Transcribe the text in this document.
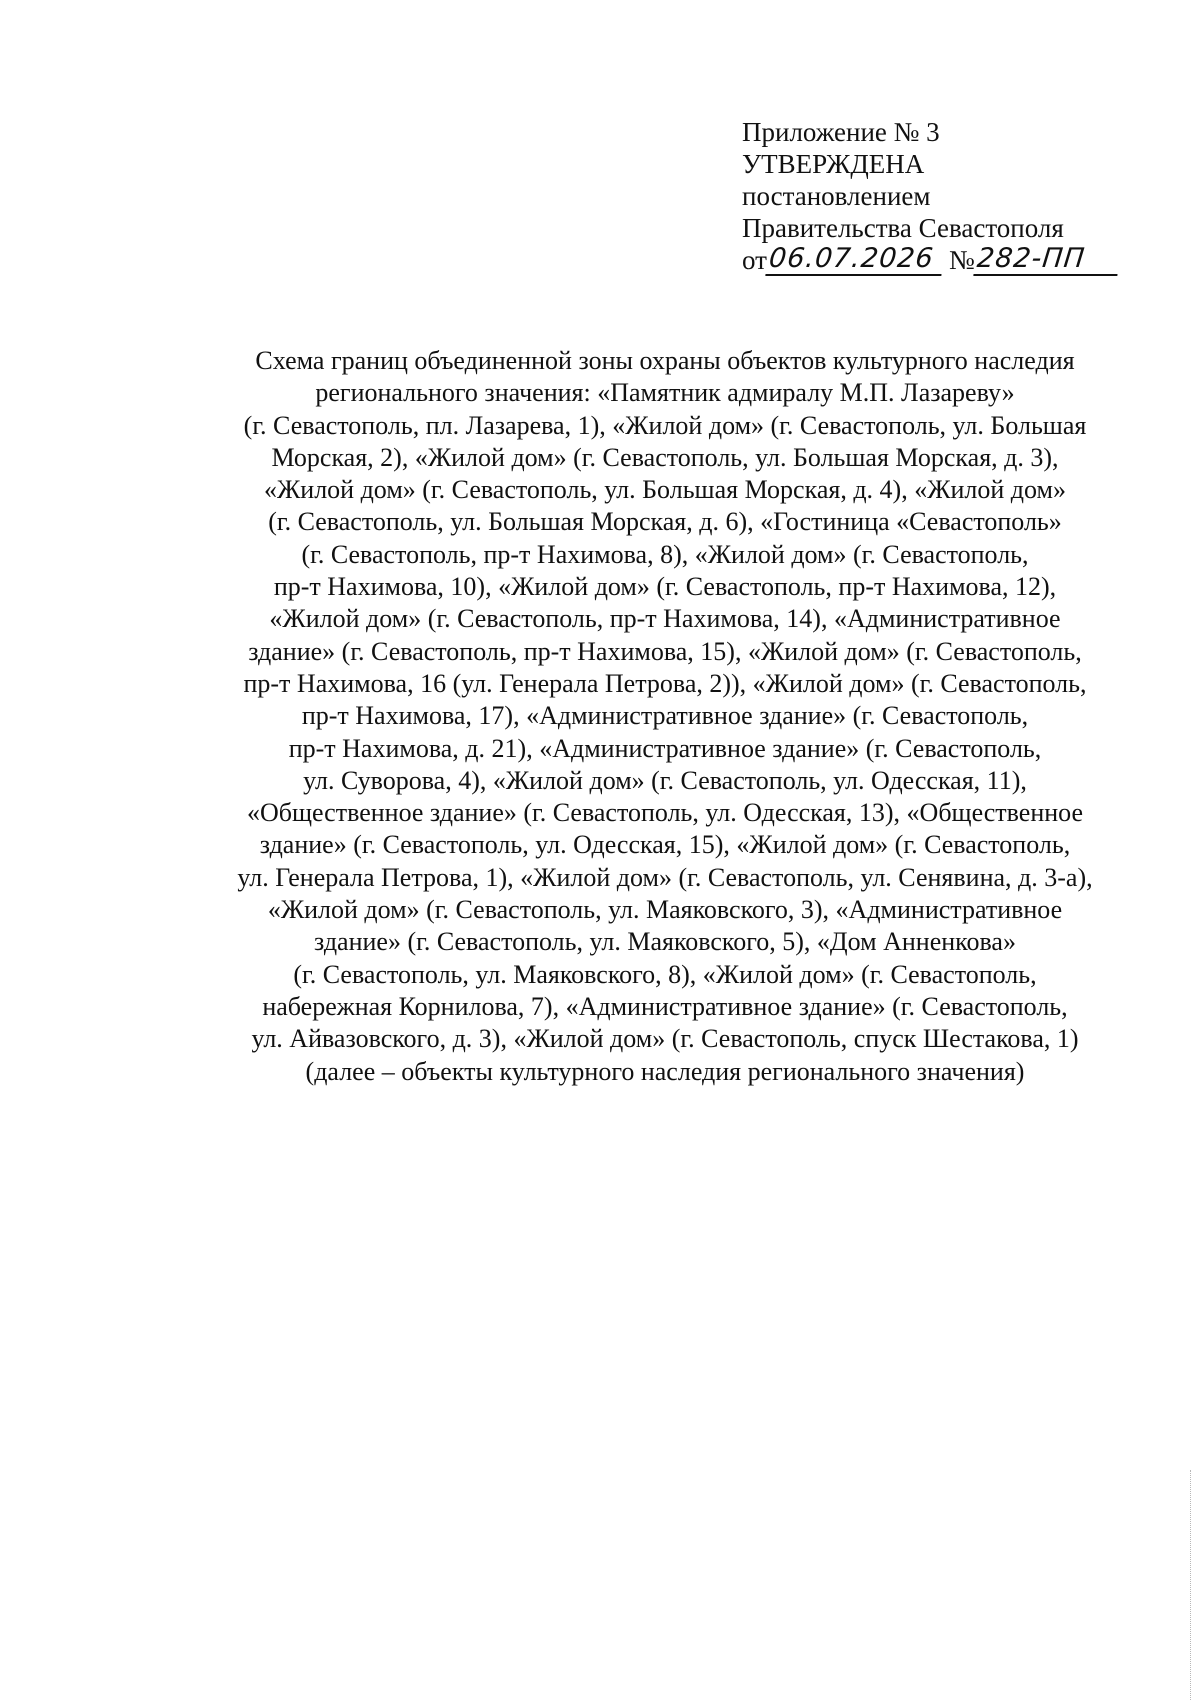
Приложение № 3
УТВЕРЖДЕНА
постановлением
Правительства Севастополя
от06.07.2026 №282-ПП
Схема границ объединенной зоны охраны объектов культурного наследия
регионального значения: «Памятник адмиралу М.П. Лазареву»
(г. Севастополь, пл. Лазарева, 1), «Жилой дом» (г. Севастополь, ул. Большая
Морская, 2), «Жилой дом» (г. Севастополь, ул. Большая Морская, д. 3),
«Жилой дом» (г. Севастополь, ул. Большая Морская, д. 4), «Жилой дом»
(г. Севастополь, ул. Большая Морская, д. 6), «Гостиница «Севастополь»
(г. Севастополь, пр-т Нахимова, 8), «Жилой дом» (г. Севастополь,
пр-т Нахимова, 10), «Жилой дом» (г. Севастополь, пр-т Нахимова, 12),
«Жилой дом» (г. Севастополь, пр-т Нахимова, 14), «Административное
здание» (г. Севастополь, пр-т Нахимова, 15), «Жилой дом» (г. Севастополь,
пр-т Нахимова, 16 (ул. Генерала Петрова, 2)), «Жилой дом» (г. Севастополь,
пр-т Нахимова, 17), «Административное здание» (г. Севастополь,
пр-т Нахимова, д. 21), «Административное здание» (г. Севастополь,
ул. Суворова, 4), «Жилой дом» (г. Севастополь, ул. Одесская, 11),
«Общественное здание» (г. Севастополь, ул. Одесская, 13), «Общественное
здание» (г. Севастополь, ул. Одесская, 15), «Жилой дом» (г. Севастополь,
ул. Генерала Петрова, 1), «Жилой дом» (г. Севастополь, ул. Сенявина, д. 3-а),
«Жилой дом» (г. Севастополь, ул. Маяковского, 3), «Административное
здание» (г. Севастополь, ул. Маяковского, 5), «Дом Анненкова»
(г. Севастополь, ул. Маяковского, 8), «Жилой дом» (г. Севастополь,
набережная Корнилова, 7), «Административное здание» (г. Севастополь,
ул. Айвазовского, д. 3), «Жилой дом» (г. Севастополь, спуск Шестакова, 1)
(далее – объекты культурного наследия регионального значения)
